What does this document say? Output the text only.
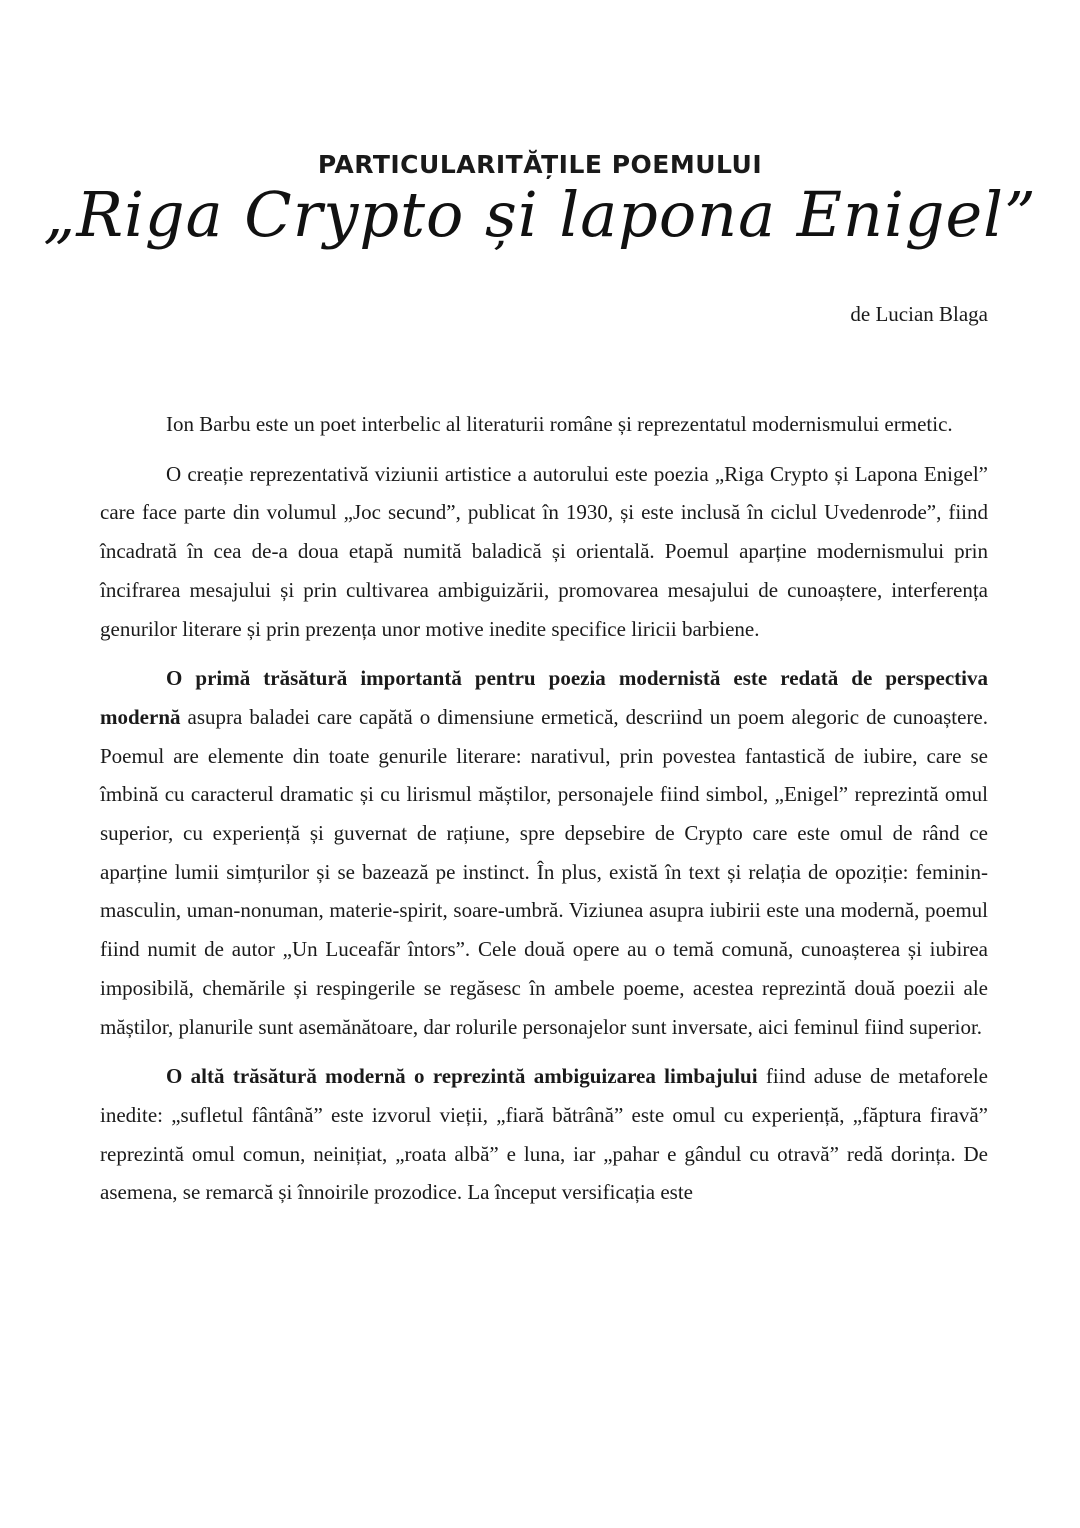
PARTICULARITĂȚILE POEMULUI
„Riga Crypto și lapona Enigel”
de Lucian Blaga

Ion Barbu este un poet interbelic al literaturii române și reprezentatul modernismului ermetic.

O creație reprezentativă viziunii artistice a autorului este poezia „Riga Crypto și Lapona Enigel” care face parte din volumul „Joc secund”, publicat în 1930, și este inclusă în ciclul Uvedenrode”, fiind încadrată în cea de-a doua etapă numită baladică și orientală. Poemul aparține modernismului prin încifrarea mesajului și prin cultivarea ambiguizării, promovarea mesajului de cunoaștere, interferența genurilor literare și prin prezența unor motive inedite specifice liricii barbiene.

O primă trăsătură importantă pentru poezia modernistă este redată de perspectiva modernă asupra baladei care capătă o dimensiune ermetică, descriind un poem alegoric de cunoaștere. Poemul are elemente din toate genurile literare: narativul, prin povestea fantastică de iubire, care se îmbină cu caracterul dramatic și cu lirismul măștilor, personajele fiind simbol, „Enigel” reprezintă omul superior, cu experiență și guvernat de rațiune, spre depsebire de Crypto care este omul de rând ce aparține lumii simțurilor și se bazează pe instinct. În plus, există în text și relația de opoziție: feminin-masculin, uman-nonuman, materie-spirit, soare-umbră. Viziunea asupra iubirii este una modernă, poemul fiind numit de autor „Un Luceafăr întors”. Cele două opere au o temă comună, cunoașterea și iubirea imposibilă, chemările și respingerile se regăsesc în ambele poeme, acestea reprezintă două poezii ale măștilor, planurile sunt asemănătoare, dar rolurile personajelor sunt inversate, aici feminul fiind superior.

O altă trăsătură modernă o reprezintă ambiguizarea limbajului fiind aduse de metaforele inedite: „sufletul fântână” este izvorul vieții, „fiară bătrână” este omul cu experiență, „făptura firavă” reprezintă omul comun, neinițiat, „roata albă” e luna, iar „pahar e gândul cu otravă” redă dorința. De asemena, se remarcă și înnoirile prozodice. La început versificația este
